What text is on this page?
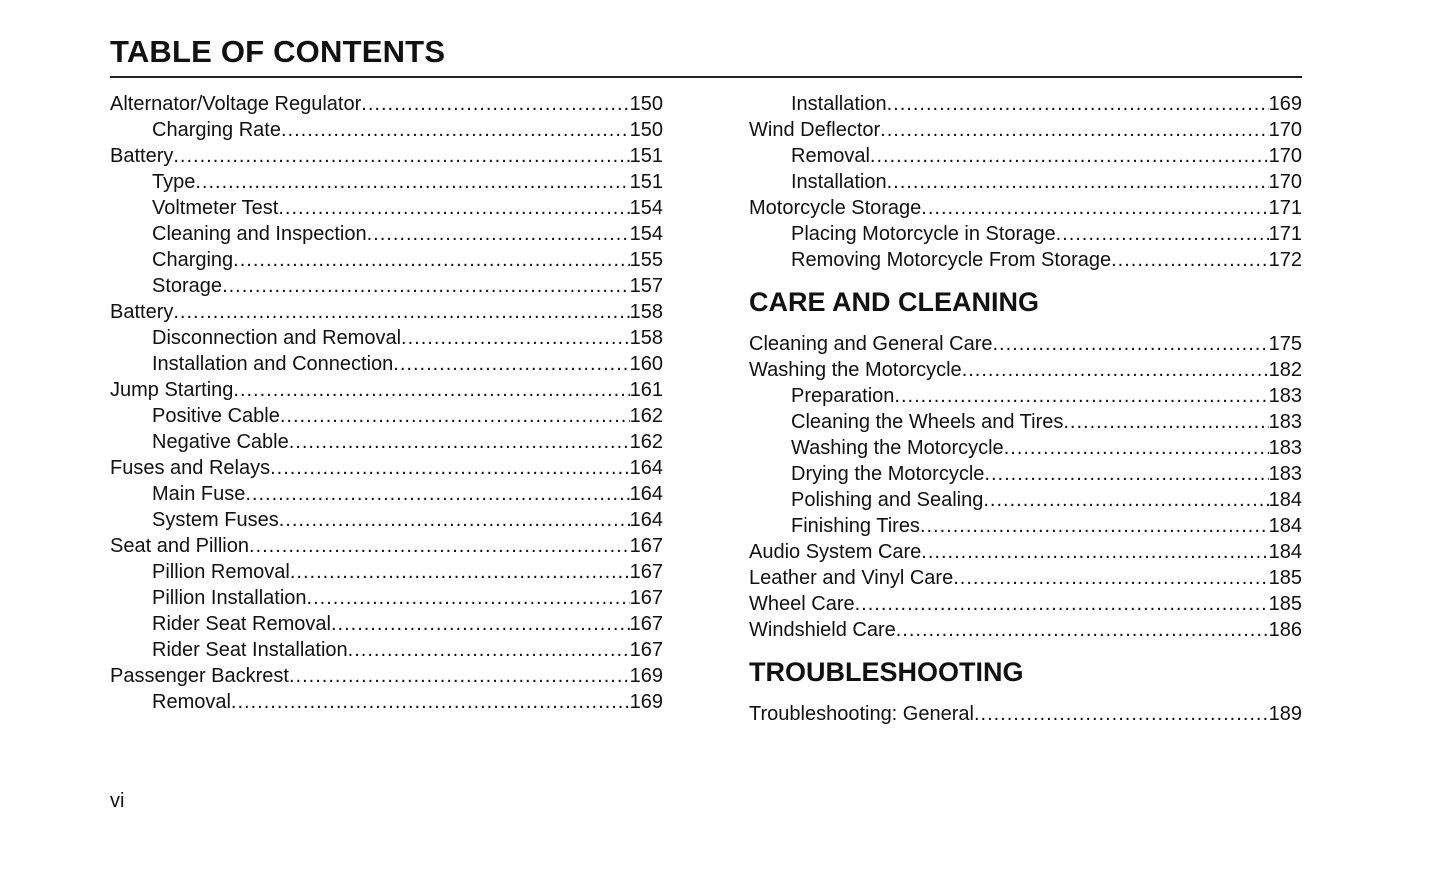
TABLE OF CONTENTS
Alternator/Voltage Regulator .....	150
Charging Rate .....	150
Battery .....	151
Type .....	151
Voltmeter Test .....	154
Cleaning and Inspection .....	154
Charging .....	155
Storage .....	157
Battery .....	158
Disconnection and Removal .....	158
Installation and Connection .....	160
Jump Starting .....	161
Positive Cable .....	162
Negative Cable .....	162
Fuses and Relays .....	164
Main Fuse .....	164
System Fuses .....	164
Seat and Pillion .....	167
Pillion Removal .....	167
Pillion Installation .....	167
Rider Seat Removal .....	167
Rider Seat Installation .....	167
Passenger Backrest .....	169
Removal .....	169
Installation .....	169
Wind Deflector .....	170
Removal .....	170
Installation .....	170
Motorcycle Storage .....	171
Placing Motorcycle in Storage .....	171
Removing Motorcycle From Storage .....	172
CARE AND CLEANING
Cleaning and General Care .....	175
Washing the Motorcycle .....	182
Preparation .....	183
Cleaning the Wheels and Tires .....	183
Washing the Motorcycle .....	183
Drying the Motorcycle .....	183
Polishing and Sealing .....	184
Finishing Tires .....	184
Audio System Care .....	184
Leather and Vinyl Care .....	185
Wheel Care .....	185
Windshield Care .....	186
TROUBLESHOOTING
Troubleshooting: General .....	189
vi
